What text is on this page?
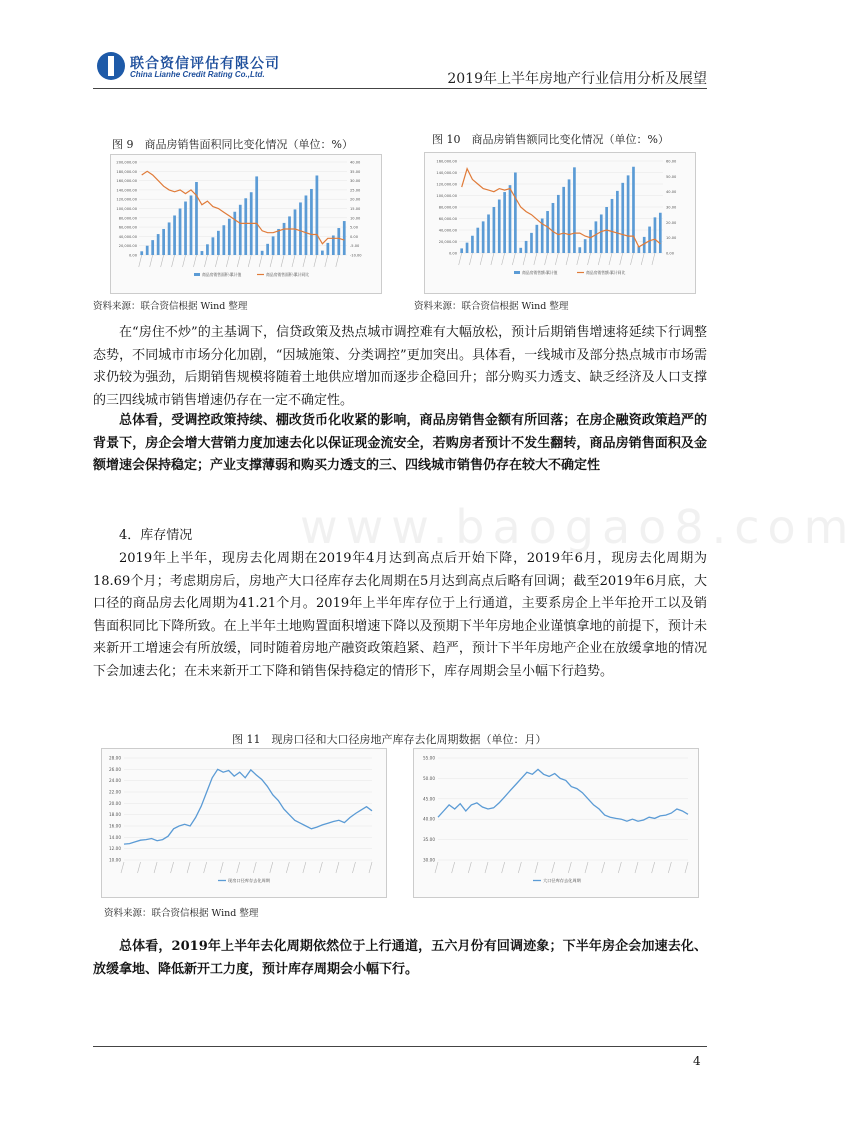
联合资信评估有限公司
China Lianhe Credit Rating Co.,Ltd.	2019年上半年房地产行业信用分析及展望
图 9　商品房销售面积同比变化情况（单位：%）
200,000.00
180,000.00
160,000.00
140,000.00
120,000.00
100,000.00
80,000.00
60,000.00
40,000.00
20,000.00
0.00
40.00
35.00
30.00
25.00
20.00
15.00
10.00
5.00
0.00
-5.00
-10.00
商品房销售面积:累计值	商品房销售面积:累计同比
资料来源：联合资信根据 Wind 整理
图 10　商品房销售额同比变化情况（单位：%）
160,000.00
140,000.00
120,000.00
100,000.00
80,000.00
60,000.00
40,000.00
20,000.00
0.00
60.00
50.00
40.00
30.00
20.00
10.00
0.00
商品房销售额:累计值	商品房销售额:累计同比
资料来源：联合资信根据 Wind 整理

在“房住不炒”的主基调下，信贷政策及热点城市调控难有大幅放松，预计后期销售增速将延续下行调整态势，不同城市市场分化加剧，“因城施策、分类调控”更加突出。具体看，一线城市及部分热点城市市场需求仍较为强劲，后期销售规模将随着土地供应增加而逐步企稳回升；部分购买力透支、缺乏经济及人口支撑的三四线城市销售增速仍存在一定不确定性。

总体看，受调控政策持续、棚改货币化收紧的影响，商品房销售金额有所回落；在房企融资政策趋严的背景下，房企会增大营销力度加速去化以保证现金流安全，若购房者预计不发生翻转，商品房销售面积及金额增速会保持稳定；产业支撑薄弱和购买力透支的三、四线城市销售仍存在较大不确定性

www.baogao8.com

4．库存情况

2019年上半年，现房去化周期在2019年4月达到高点后开始下降，2019年6月，现房去化周期为18.69个月；考虑期房后，房地产大口径库存去化周期在5月达到高点后略有回调；截至2019年6月底，大口径的商品房去化周期为41.21个月。2019年上半年库存位于上行通道，主要系房企上半年抢开工以及销售面积同比下降所致。在上半年土地购置面积增速下降以及预期下半年房地企业谨慎拿地的前提下，预计未来新开工增速会有所放缓，同时随着房地产融资政策趋紧、趋严，预计下半年房地产企业在放缓拿地的情况下会加速去化；在未来新开工下降和销售保持稳定的情形下，库存周期会呈小幅下行趋势。

图 11　现房口径和大口径房地产库存去化周期数据（单位：月）
28.00
26.00
24.00
22.00
20.00
18.00
16.00
14.00
12.00
10.00
现房口径库存去化周期
55.00
50.00
45.00
40.00
35.00
30.00
大口径库存去化周期
资料来源：联合资信根据 Wind 整理

总体看，2019年上半年去化周期依然位于上行通道，五六月份有回调迹象；下半年房企会加速去化、放缓拿地、降低新开工力度，预计库存周期会小幅下行。

4
